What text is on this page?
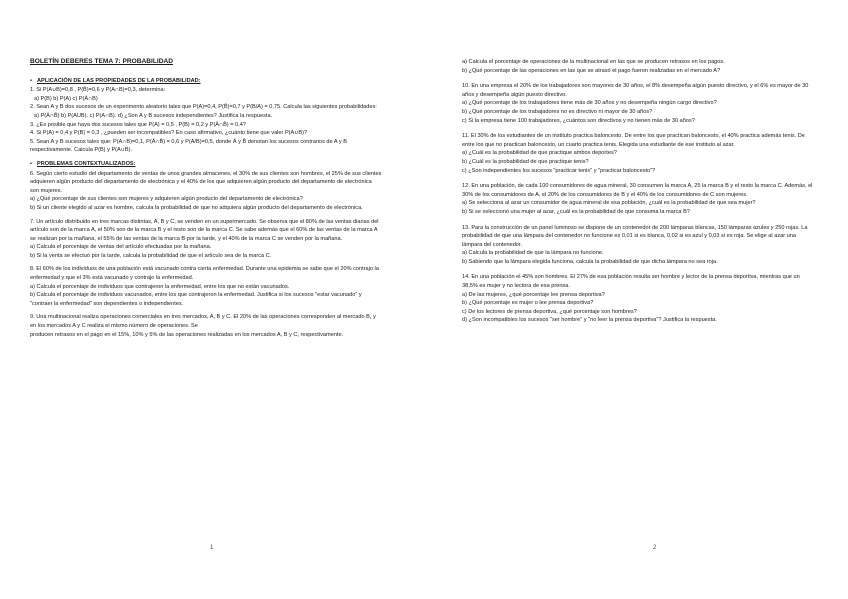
BOLETÍN DEBERES TEMA 7: PROBABILIDAD

• APLICACIÓN DE LAS PROPIEDADES DE LA PROBABILIDAD:

1. Si P(A∪B)=0,8 , P(B̄)=0,6 y P(A∩B)=0,3, determina:

a) P(B) b) P(A) c) P(Ā∩B)

2. Sean A y B dos sucesos de un experimento aleatorio tales que P(A)=0,4, P(B̄)=0,7 y P(B/A) = 0,75. Calcula las siguientes probabilidades:

a) P(Ā∩B̄) b) P(AUB). c) P(A∩B). d) ¿Son A y B sucesos independientes? Justifica la respuesta.

3. ¿Es posible que haya dos sucesos tales que P(A) = 0,5 , P(B) = 0,2 y P(Ā∩B̄) = 0,4?

4. Si P(A) = 0,4 y P(B) = 0,3 , ¿pueden ser incompatibles? En caso afirmativo, ¿cuánto tiene que valer P(A∪B)?

5. Sean A y B sucesos tales que: P(A∩B)=0,1, P(Ā∩B̄) = 0,6 y P(A/B)=0,5, donde Ā y B̄ denotan los sucesos contrarios de A y B respectivamente. Calcula P(B) y P(A∪B).

• PROBLEMAS CONTEXTUALIZADOS:

6. Según cierto estudio del departamento de ventas de unos grandes almacenes, el 30% de sus clientes son hombres, el 25% de sus clientes adquieren algún producto del departamento de electrónica y el 40% de los que adquieren algún producto del departamento de electrónica son mujeres.

a) ¿Qué porcentaje de sus clientes son mujeres y adquieren algún producto del departamento de electrónica?

b) Si un cliente elegido al azar es hombre, calcula la probabilidad de que no adquiera algún producto del departamento de electrónica.

7. Un artículo distribuido en tres marcas distintas, A, B y C, se venden en un supermercado. Se observa que el 80% de las ventas diarias del artículo son de la marca A, el 50% son de la marca B y el resto son de la marca C. Se sabe además que el 60% de las ventas de la marca A se realizan por la mañana, el 55% de las ventas de la marca B por la tarde, y el 40% de la marca C se venden por la mañana.

a) Calcula el porcentaje de ventas del artículo efectuadas por la mañana.

b) Si la venta se efectuó por la tarde, calcula la probabilidad de que el artículo sea de la marca C.

8. El 60% de los individuos de una población está vacunado contra cierta enfermedad. Durante una epidemia se sabe que el 20% contrajo la enfermedad y que el 3% está vacunado y contrajo la enfermedad.

a) Calcula el porcentaje de individuos que contrajeron la enfermedad, entre los que no están vacunados.

b) Calcula el porcentaje de individuos vacunados, entre los que contrajeron la enfermedad. Justifica si los sucesos "estar vacunado" y "contraer la enfermedad" son dependientes o independientes.

9. Una multinacional realiza operaciones comerciales en tres mercados, A, B y C. El 20% de las operaciones corresponden al mercado B, y en los mercados A y C realiza el mismo número de operaciones. Se

producen retrasos en el pago en el 15%, 10% y 5% de las operaciones realizadas en los mercados A, B y C, respectivamente.

1

a) Calcula el porcentaje de operaciones de la multinacional en las que se producen retrasos en los pagos.

b) ¿Qué porcentaje de las operaciones en las que se atrasó el pago fueron realizadas en el mercado A?

10. En una empresa el 20% de los trabajadores son mayores de 30 años, el 8% desempeña algún puesto directivo, y el 6% es mayor de 30 años y desempeña algún puesto directivo.

a) ¿Qué porcentaje de los trabajadores tiene más de 30 años y no desempeña ningún cargo directivo?

b) ¿Qué porcentaje de los trabajadores no es directivo ni mayor de 30 años?

c) Si la empresa tiene 100 trabajadores, ¿cuántos son directivos y no tienen más de 30 años?

11. El 30% de los estudiantes de un instituto practica baloncesto. De entre los que practican baloncesto, el 40% practica además tenis. De entre los que no practican baloncesto, un cuarto practica tenis. Elegida una estudiante de ese instituto al azar.

a) ¿Cuál es la probabilidad de que practique ambos deportes?

b) ¿Cuál es la probabilidad de que practique tenis?

c) ¿Son independientes los sucesos "practicar tenis" y "practicar baloncesto"?

12. En una población, de cada 100 consumidores de agua mineral, 30 consumen la marca A, 25 la marca B y el resto la marca C. Además, el 30% de los consumidores de A, el 20% de los consumidores de B y el 40% de los consumidores de C son mujeres.

a) Se selecciona al azar un consumidor de agua mineral de esa población, ¿cuál es la probabilidad de que sea mujer?

b) Si se seleccionó una mujer al azar, ¿cuál es la probabilidad de que consuma la marca B?

13. Para la construcción de un panel luminoso se dispone de un contenedor de 200 lámparas blancas, 150 lámparas azules y 250 rojas. La probabilidad de que una lámpara del contenedor no funcione es 0,01 si es blanca, 0,02 si es azul y 0,03 si es roja. Se elige al azar una lámpara del contenedor.

a) Calcula la probabilidad de que la lámpara no funcione.

b) Sabiendo que la lámpara elegida funciona, calcula la probabilidad de que dicha lámpara no sea roja.

14. En una población el 45% son hombres. El 27% de esa población resulta ser hombre y lector de la prensa deportiva, mientras que un 38,5% es mujer y no lectora de esa prensa.

a) De las mujeres, ¿qué porcentaje lee prensa deportiva?

b) ¿Qué porcentaje es mujer o lee prensa deportiva?

c) De los lectores de prensa deportiva, ¿qué porcentaje son hombres?

d) ¿Son incompatibles los sucesos "ser hombre" y "no leer la prensa deportiva"? Justifica la respuesta.

2
